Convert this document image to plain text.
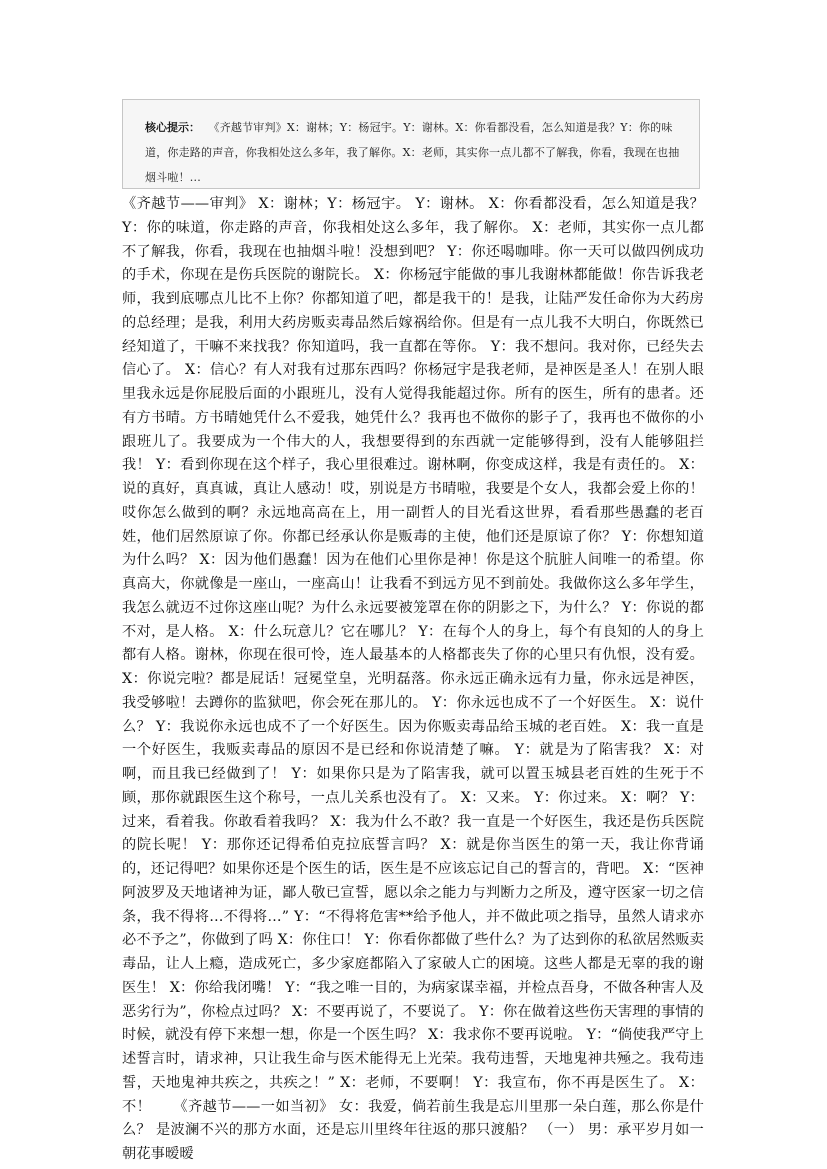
核心提示： 《齐越节审判》X：谢林；Y：杨冠宇。Y：谢林。X：你看都没看，怎么知道是我？Y：你的味道，你走路的声音，你我相处这么多年，我了解你。X：老师，其实你一点儿都不了解我，你看，我现在也抽烟斗啦！...

《齐越节——审判》 X：谢林；Y：杨冠宇。 Y：谢林。 X：你看都没看，怎么知道是我？ Y：你的味道，你走路的声音，你我相处这么多年，我了解你。 X：老师，其实你一点儿都不了解我，你看，我现在也抽烟斗啦！没想到吧？ Y：你还喝咖啡。你一天可以做四例成功的手术，你现在是伤兵医院的谢院长。 X：你杨冠宇能做的事儿我谢林都能做！你告诉我老师，我到底哪点儿比不上你？你都知道了吧，都是我干的！是我，让陆严发任命你为大药房的总经理；是我，利用大药房贩卖毒品然后嫁祸给你。但是有一点儿我不大明白，你既然已经知道了，干嘛不来找我？你知道吗，我一直都在等你。 Y：我不想问。我对你，已经失去信心了。 X：信心？有人对我有过那东西吗？你杨冠宇是我老师，是神医是圣人！在别人眼里我永远是你屁股后面的小跟班儿，没有人觉得我能超过你。所有的医生，所有的患者。还有方书晴。方书晴她凭什么不爱我，她凭什么？我再也不做你的影子了，我再也不做你的小跟班儿了。我要成为一个伟大的人，我想要得到的东西就一定能够得到，没有人能够阻拦我！ Y：看到你现在这个样子，我心里很难过。谢林啊，你变成这样，我是有责任的。 X：说的真好，真真诚，真让人感动！哎，别说是方书晴啦，我要是个女人，我都会爱上你的！哎你怎么做到的啊？永远地高高在上，用一副哲人的目光看这世界，看看那些愚蠢的老百姓，他们居然原谅了你。你都已经承认你是贩毒的主使，他们还是原谅了你？ Y：你想知道为什么吗？ X：因为他们愚蠢！因为在他们心里你是神！你是这个肮脏人间唯一的希望。你真高大，你就像是一座山，一座高山！让我看不到远方见不到前处。我做你这么多年学生，我怎么就迈不过你这座山呢？为什么永远要被笼罩在你的阴影之下，为什么？ Y：你说的都不对，是人格。 X：什么玩意儿？它在哪儿？ Y：在每个人的身上，每个有良知的人的身上都有人格。谢林，你现在很可怜，连人最基本的人格都丧失了你的心里只有仇恨，没有爱。 X：你说完啦？都是屁话！冠冕堂皇，光明磊落。你永远正确永远有力量，你永远是神医，我受够啦！去蹲你的监狱吧，你会死在那儿的。 Y：你永远也成不了一个好医生。 X：说什么？ Y：我说你永远也成不了一个好医生。因为你贩卖毒品给玉城的老百姓。 X：我一直是一个好医生，我贩卖毒品的原因不是已经和你说清楚了嘛。 Y：就是为了陷害我？ X：对啊，而且我已经做到了！ Y：如果你只是为了陷害我，就可以置玉城县老百姓的生死于不顾，那你就跟医生这个称号，一点儿关系也没有了。 X：又来。 Y：你过来。 X：啊？ Y：过来，看着我。你敢看着我吗？ X：我为什么不敢？我一直是一个好医生，我还是伤兵医院的院长呢！ Y：那你还记得希伯克拉底誓言吗？ X：就是你当医生的第一天，我让你背诵的，还记得吧？如果你还是个医生的话，医生是不应该忘记自己的誓言的，背吧。 X：“医神阿波罗及天地诸神为证，鄙人敬已宣誓，愿以余之能力与判断力之所及，遵守医家一切之信条，我不得将…不得将…” Y：“不得将危害**给予他人，并不做此项之指导，虽然人请求亦必不予之”，你做到了吗 X：你住口！ Y：你看你都做了些什么？为了达到你的私欲居然贩卖毒品，让人上瘾，造成死亡，多少家庭都陷入了家破人亡的困境。这些人都是无辜的我的谢医生！ X：你给我闭嘴！ Y：“我之唯一目的，为病家谋幸福，并检点吾身，不做各种害人及恶劣行为”，你检点过吗？ X：不要再说了，不要说了。 Y：你在做着这些伤天害理的事情的时候，就没有停下来想一想，你是一个医生吗？ X：我求你不要再说啦。 Y：“倘使我严守上述誓言时，请求神，只让我生命与医术能得无上光荣。我苟违誓，天地鬼神共殛之。我苟违誓，天地鬼神共疾之，共疾之！” X：老师，不要啊！ Y：我宣布，你不再是医生了。 X：不！　　《齐越节——一如当初》 女：我爱，倘若前生我是忘川里那一朵白莲，那么你是什么？ 是波澜不兴的那方水面，还是忘川里终年往返的那只渡船？ （一） 男：承平岁月如一朝花事暧暧
